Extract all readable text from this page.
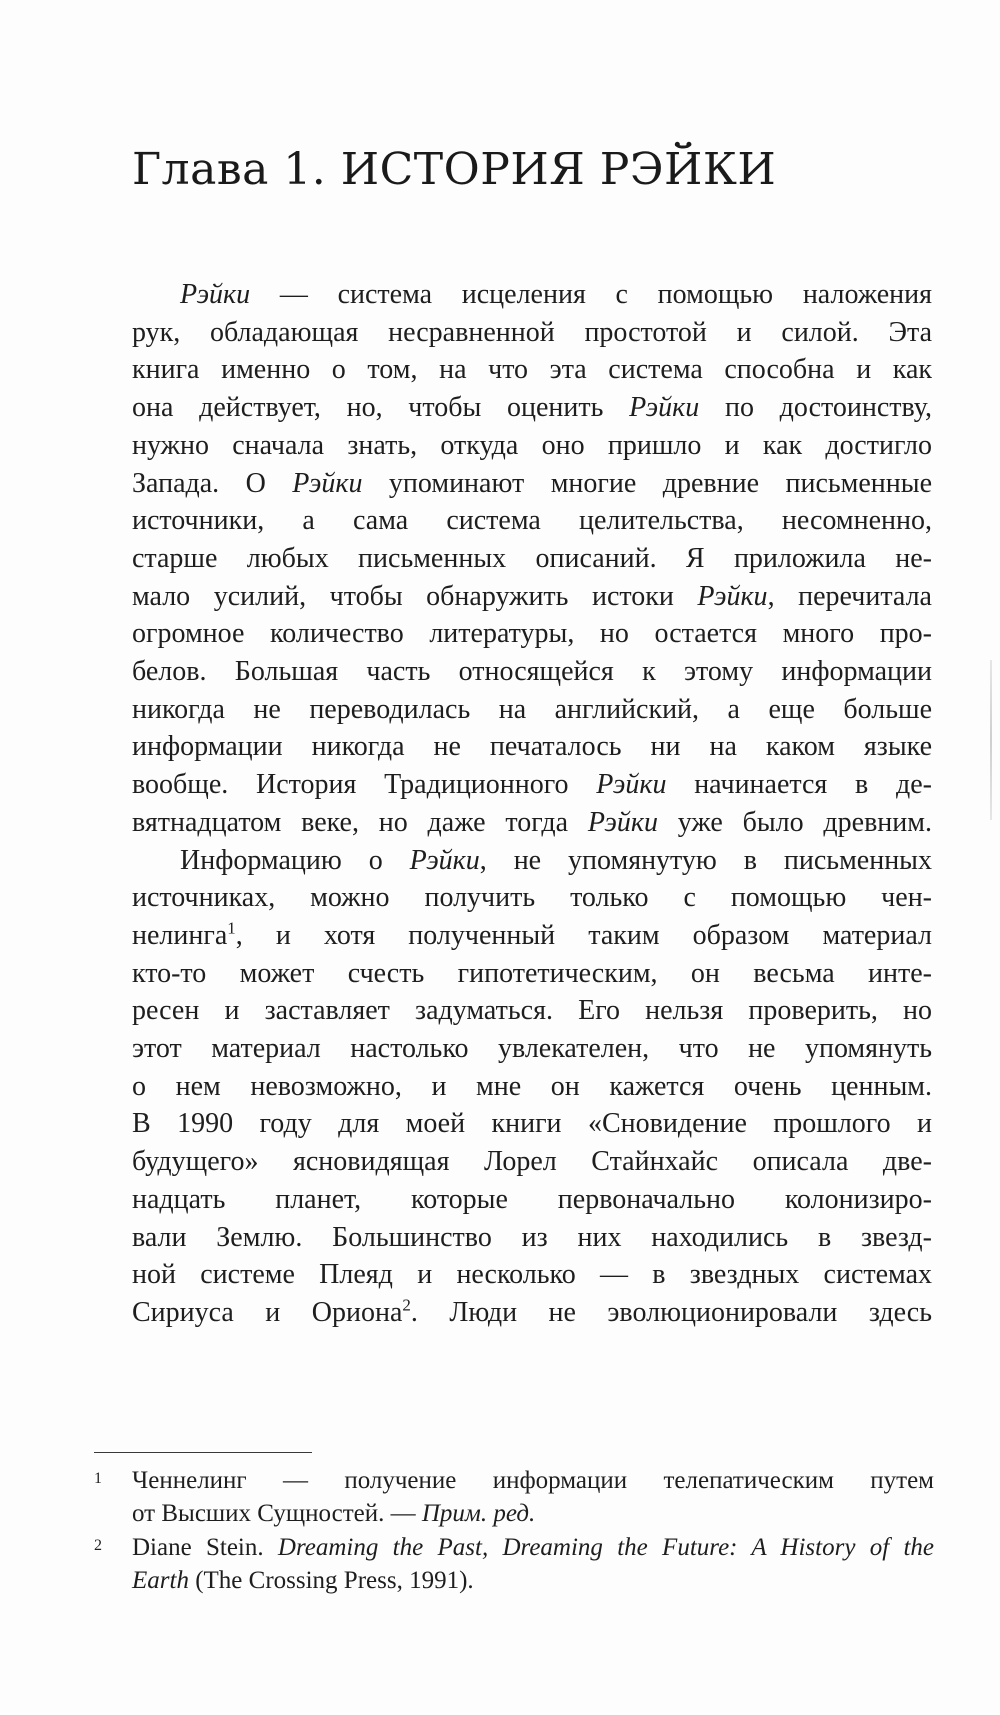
Глава 1. ИСТОРИЯ РЭЙКИ
Рэйки — система исцеления с помощью наложения
рук, обладающая несравненной простотой и силой. Эта
книга именно о том, на что эта система способна и как
она действует, но, чтобы оценить Рэйки по достоинству,
нужно сначала знать, откуда оно пришло и как достигло
Запада. О Рэйки упоминают многие древние письменные
источники, а сама система целительства, несомненно,
старше любых письменных описаний. Я приложила не-
мало усилий, чтобы обнаружить истоки Рэйки, перечитала
огромное количество литературы, но остается много про-
белов. Большая часть относящейся к этому информации
никогда не переводилась на английский, а еще больше
информации никогда не печаталось ни на каком языке
вообще. История Традиционного Рэйки начинается в де-
вятнадцатом веке, но даже тогда Рэйки уже было древним.
Информацию о Рэйки, не упомянутую в письменных
источниках, можно получить только с помощью чен-
нелинга$^1$, и хотя полученный таким образом материал
кто-то может счесть гипотетическим, он весьма инте-
ресен и заставляет задуматься. Его нельзя проверить, но
этот материал настолько увлекателен, что не упомянуть
о нем невозможно, и мне он кажется очень ценным.
В 1990 году для моей книги «Сновидение прошлого и
будущего» ясновидящая Лорел Стайнхайс описала две-
надцать планет, которые первоначально колонизиро-
вали Землю. Большинство из них находились в звезд-
ной системе Плеяд и несколько — в звездных системах
Сириуса и Ориона$^2$. Люди не эволюционировали здесь
1 Ченнелинг — получение информации телепатическим путем
от Высших Сущностей. — Прим. ред.
2 Diane Stein. Dreaming the Past, Dreaming the Future: A History of the
Earth (The Crossing Press, 1991).
